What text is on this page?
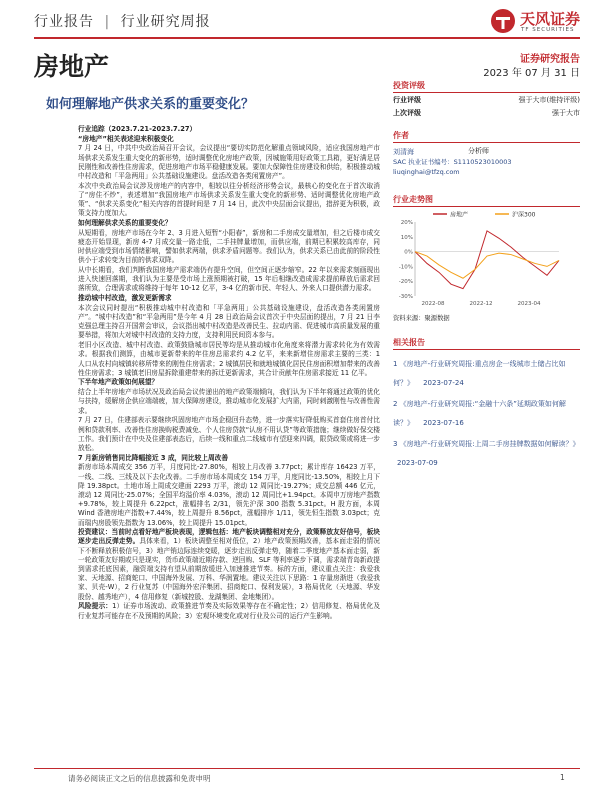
行业报告 | 行业研究周报	天风证券
TF SECURITIES
房地产	证券研究报告
2023 年 07 月 31 日
如何理解地产供求关系的重要变化？

行业追踪（2023.7.21-2023.7.27）

“房地产”相关表述迎来积极变化

7 月 24 日，中共中央政治局召开会议，会议提出“要切实防范化解重点领域风险，适应我国房地产市场供求关系发生重大变化的新形势，适时调整优化房地产政策，因城施策用好政策工具箱，更好满足居民刚性和改善性住房需求，促进房地产市场平稳健康发展。要加大保障性住房建设和供给，积极推动城中村改造和「平急两用」公共基础设施建设。盘活改造各类闲置房产”。

本次中央政治局会议涉及房地产的内容中，相较以往分析经济形势会议，最核心的变化在于首次取消了“房住不炒”，表述增加“我国房地产市场供求关系发生重大变化的新形势、适时调整优化房地产政策”、“供求关系变化”相关内容的首提时间是 7 月 14 日，此次中央层面会议提出，措辞更为积极，政策支持力度加大。

如何理解供求关系的重要变化？

从短期看，房地产市场在今年 2、3 月进入短暂“小阳春”，新房和二手房成交量增加，但之后楼市成交疲态开始显现，新房 4-7 月成交量一路走低，二手挂牌量增加，而供应端，前期已积累较高库存，同时供应端受到市场情绪影响，譬如供求两端，供求矛盾问题等。我们认为，供求关系已由此前的阶段性供小于求转变为目前的供求双降。

从中长期看，我们判断我国房地产需求端仍有提升空间，但空间正逐步缩窄。22 年以来需求刻画现出进入快速回落期，我们认为主要是受市场上涨预期被打破，15 年后相继改造成需求提前释放后需求回落所致，合理需求或将维持于每年 10-12 亿平，3-4 亿的新市民、年轻人、外来人口提供潜力需求。

推动城中村改造，激发更新需求

本次会议同时提出“积极推动城中村改造和「平急两用」公共基础设施建设，盘活改造各类闲置房产”。“城中村改造”和“平急两用”是今年 4 月 28 日政治局会议首次于中央层面的提出，7 月 21 日李克强总理主持召开国常会审议，会议指出城中村改造是改善民生、拉动内需、促进城市高质量发展的重要举措，将加大对城中村改造的支持力度，支持利用民间资本参与。

老旧小区改造、城中村改造、政策鼓励城市居民等均是从推动城市化角度来将潜力需求转化为有效需求。根据我们测算，由城市更新带来的年住房总需求约 4.2 亿平，来来新增住房需求主要的三类：1 人口从农村向城镇转移所带来的刚性住房需求；2 城镇居民和就地城镇化居民住房面积增加带来的改善性住房需求；3 城镇老旧房屋拆除重建带来的拆迁更新需求，其合计贡献年住房需求接近 11 亿平。

下半年地产政策如何展望？

结合上半年房地产市场状况及政治局会议传递出的地产政策端倾向，我们认为下半年将通过政策的优化与扶持，缓解房企供应端端疲，加大保障房建设，推动城市化发展扩大内需，同时刺激刚性与改善性需求。

7 月 27 日，住建部表示要继续巩固房地产市场企稳回升态势，进一步落实好降低购买首套住房首付比例和贷款利率、改善性住房换购税费减免、个人住房贷款“认房不用认贷”等政策措施；继续做好保交楼工作。我们预计在中央及住建部表态后，后续一线和重点二线城市有望迎来四调，限贷政策或将进一步放松。

7 月新房销售同比降幅接近 3 成，同比较上周改善

新房市场本周成交 356 万平，月度同比-27.80%，相较上月改善 3.77pct；累计库存 16423 万平，一线、二线、三线及以下去化改善。二手房市场本周成交 154 万平，月度同比-13.50%，相较上月下降 19.38pct。土地市场上周成交建面 2293 万平，滚动 12 周同比-19.27%；成交总额 446 亿元，滚动 12 周同比-25.07%；全国平均溢价率 4.03%，滚动 12 周同比+1.94pct。本周申万房地产指数+9.78%，较上周提升 6.22pct，涨幅排名 2/31，领先沪深 300 指数 5.31pct。H 股方面，本周 Wind 香港房地产指数+7.44%，较上周提升 8.56pct，涨幅排序 1/11，领先恒生指数 3.03pct；克而瑞内房股领先指数为 13.06%，较上周提升 15.01pct。

投资建议：当前时点看好地产板块表现，逻辑包括：地产板块调整相对充分，政策释放友好信号，板块逐步走出反弹走势。具体来看，1）板块调整至相对低位，2）地产政策预期改善，基本面走弱的情况下不断释放积极信号，3）地产销边际连续变暖，逐步走出反弹走势，随着二季度地产基本面走弱，新一轮政策友好期或只是现实，货币政策端近期存款、逆回购、SLF 等利率逐步下调，需求端青岛新政提到需求托底因素，融资端支持有望从前期放缓进入加速推进节奏。标的方面，建议重点关注：我爱我家、天地源、招商蛇口、中国海外发展、万科、华润置地。建议关注以下思路：1 存量房渐进（我爱我家、贝壳-W），2 行业复苏（中国海外宏洋集团、招商蛇口、保利发展），3 格局优化（天地源、华发股份、越秀地产），4 信用修复（新城控股、龙湖集团、金地集团）。

风险提示：1）证券市场波动、政策推进节奏及实际效果等存在不确定性；2）信用修复、格局优化及行业复苏可能存在不及预期的风险；3）宏观环境变化或对行业及公司的运行产生影响。

投资评级
行业评级	强于大市(维持评级)
上次评级	强于大市
作者
刘清海	分析师
SAC 执业证书编号：S1110523010003
liuqinghai@tfzq.com
行业走势图
20%
10%
0%
-10%
-20%
-30%
2022-08	2022-12	2023-04
房地产	沪深300
资料来源：聚源数据
相关报告
1 《房地产-行业研究周报:重点房企一线城市土储占比如何？》 2023-07-24
2 《房地产-行业研究周报:“金融十六条”延期政策如何解读？》 2023-07-16
3 《房地产-行业研究周报:上周二手房挂牌数据如何解读？》 2023-07-09
请务必阅读正文之后的信息披露和免责申明	1
